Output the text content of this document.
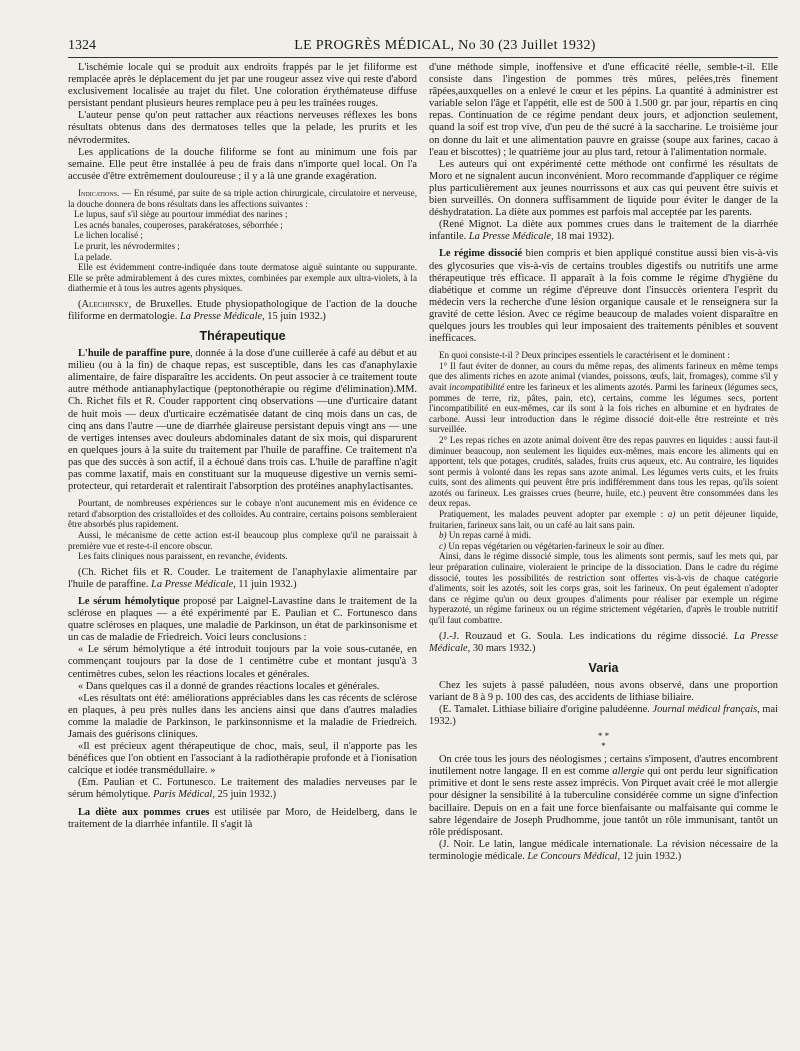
1324	LE PROGRÈS MÉDICAL, No 30 (23 Juillet 1932)

L'ischémie locale qui se produit aux endroits frappés par le jet filiforme est remplacée après le déplacement du jet par une rougeur assez vive qui reste d'abord exclusivement localisée au trajet du filet. Une coloration érythémateuse diffuse persistant pendant plusieurs heures remplace peu à peu les traînées rouges.

L'auteur pense qu'on peut rattacher aux réactions nerveuses réflexes les bons résultats obtenus dans des dermatoses telles que la pelade, les prurits et les névrodermites.

Les applications de la douche filiforme se font au minimum une fois par semaine. Elle peut être installée à peu de frais dans n'importe quel local. On l'a accusée d'être extrêmement douloureuse ; il y a là une grande exagération.

Indications. — En résumé, par suite de sa triple action chirurgicale, circulatoire et nerveuse, la douche donnera de bons résultats dans les affections suivantes :

Le lupus, sauf s'il siège au pourtour immédiat des narines ;
Les acnés banales, couperoses, parakératoses, séborrhée ;
Le lichen localisé ;
Le prurit, les névrodermites ;
La pelade.

Elle est évidemment contre-indiquée dans toute dermatose aiguë suintante ou suppurante. Elle se prête admirablement à des cures mixtes, combinées par exemple aux ultra-violets, à la diathermie et à tous les autres agents physiques.

(Alechinsky, de Bruxelles. Etude physiopathologique de l'action de la douche filiforme en dermatologie. La Presse Médicale, 15 juin 1932.)

Thérapeutique

L'huile de paraffine pure, donnée à la dose d'une cuillerée à café au début et au milieu (ou à la fin) de chaque repas, est susceptible, dans les cas d'anaphylaxie alimentaire, de faire disparaître les accidents. On peut associer à ce traitement toute autre méthode antianaphylactique (peptonothérapie ou régime d'élimination).MM. Ch. Richet fils et R. Couder rapportent cinq observations —une d'urticaire datant de huit mois — deux d'urticaire eczématisée datant de cinq mois dans un cas, de cinq ans dans l'autre —une de diarrhée glaireuse persistant depuis vingt ans — une de vertiges intenses avec douleurs abdominales datant de six mois, qui disparurent en quelques jours à la suite du traitement par l'huile de paraffine. Ce traitement n'a pas que des succès à son actif, il a échoué dans trois cas. L'huile de paraffine n'agit pas comme laxatif, mais en constituant sur la muqueuse digestive un vernis semi-protecteur, qui retarderait et ralentirait l'absorption des protéines anaphylactisantes.

Pourtant, de nombreuses expériences sur le cobaye n'ont aucunement mis en évidence ce retard d'absorption des cristalloïdes et des colloïdes. Au contraire, certains poisons sembleraient être absorbés plus rapidement.

Aussi, le mécanisme de cette action est-il beaucoup plus complexe qu'il ne paraissait à première vue et reste-t-il encore obscur.

Les faits cliniques nous paraissent, en revanche, évidents.

(Ch. Richet fils et R. Couder. Le traitement de l'anaphylaxie alimentaire par l'huile de paraffine. La Presse Médicale, 11 juin 1932.)

Le sérum hémolytique proposé par Laignel-Lavastine dans le traitement de la sclérose en plaques — a été expérimenté par E. Paulian et C. Fortunesco dans quatre scléroses en plaques, une maladie de Parkinson, un état de parkinsonisme et un cas de maladie de Friedreich. Voici leurs conclusions :

« Le sérum hémolytique a été introduit toujours par la voie sous-cutanée, en commençant toujours par la dose de 1 centimètre cube et montant jusqu'à 3 centimètres cubes, selon les réactions locales et générales.

« Dans quelques cas il a donné de grandes réactions locales et générales.

«Les résultats ont été: améliorations appréciables dans les cas récents de sclérose en plaques, à peu près nulles dans les anciens ainsi que dans d'autres maladies comme la maladie de Parkinson, le parkinsonnisme et la maladie de Friedreich. Jamais des guérisons cliniques.

«Il est précieux agent thérapeutique de choc, mais, seul, il n'apporte pas les bénéfices que l'on obtient en l'associant à la radiothérapie profonde et à l'ionisation calcique et iodée transmédullaire. »

(Em. Paulian et C. Fortunesco. Le traitement des maladies nerveuses par le sérum hémolytique. Paris Médical, 25 juin 1932.)

La diète aux pommes crues est utilisée par Moro, de Heidelberg, dans le traitement de la diarrhée infantile. Il s'agit là

d'une méthode simple, inoffensive et d'une efficacité réelle, semble-t-il. Elle consiste dans l'ingestion de pommes très mûres, pelées,très finement râpées,auxquelles on a enlevé le cœur et les pépins. La quantité à administrer est variable selon l'âge et l'appétit, elle est de 500 à 1.500 gr. par jour, répartis en cinq repas. Continuation de ce régime pendant deux jours, et adjonction seulement, quand la soif est trop vive, d'un peu de thé sucré à la saccharine. Le troisième jour on donne du lait et une alimentation pauvre en graisse (soupe aux farines, cacao à l'eau et biscottes) ; le quatrième jour au plus tard, retour à l'alimentation normale.

Les auteurs qui ont expérimenté cette méthode ont confirmé les résultats de Moro et ne signalent aucun inconvénient. Moro recommande d'appliquer ce régime plus particulièrement aux jeunes nourrissons et aux cas qui peuvent être suivis et bien surveillés. On donnera suffisamment de liquide pour éviter le danger de la déshydratation. La diète aux pommes est parfois mal acceptée par les parents.

(René Mignot. La diète aux pommes crues dans le traitement de la diarrhée infantile. La Presse Médicale, 18 mai 1932).

Le régime dissocié bien compris et bien appliqué constitue aussi bien vis-à-vis des glycosuries que vis-à-vis de certains troubles digestifs ou nutritifs une arme thérapeutique très efficace. Il apparaît à la fois comme le régime d'hygiène du diabétique et comme un régime d'épreuve dont l'insuccès orientera l'esprit du médecin vers la recherche d'une lésion organique causale et le renseignera sur la gravité de cette lésion. Avec ce régime beaucoup de malades voient disparaître en quelques jours les troubles qui leur imposaient des traitements pénibles et souvent inefficaces.

En quoi consiste-t-il ? Deux principes essentiels le caractérisent et le dominent :

1° Il faut éviter de donner, au cours du même repas, des aliments farineux en même temps que des aliments riches en azote animal (viandes, poissons, œufs, lait, fromages), comme s'il y avait incompatibilité entre les farineux et les aliments azotés. Parmi les farineux (légumes secs, pommes de terre, riz, pâtes, pain, etc), certains, comme les légumes secs, portent l'incompatibilité en eux-mêmes, car ils sont à la fois riches en albumine et en hydrates de carbone. Aussi leur introduction dans le régime dissocié doit-elle être restreinte et très surveillée.

2° Les repas riches en azote animal doivent être des repas pauvres en liquides : aussi faut-il diminuer beaucoup, non seulement les liquides eux-mêmes, mais encore les aliments qui en apportent, tels que potages, crudités, salades, fruits crus aqueux, etc. Au contraire, les liquides sont permis à volonté dans les repas sans azote animal. Les légumes verts cuits, et les fruits cuits, sont des aliments qui peuvent être pris indifféremment dans tous les repas, qu'ils soient azotés ou farineux. Les graisses crues (beurre, huile, etc.) peuvent être consommées dans les deux repas.

Pratiquement, les malades peuvent adopter par exemple : a) un petit déjeuner liquide, fruitarien, farineux sans lait, ou un café au lait sans pain.

b) Un repas carné à midi.

c) Un repas végétarien ou végétarien-farineux le soir au dîner.

Ainsi, dans le régime dissocié simple, tous les aliments sont permis, sauf les mets qui, par leur préparation culinaire, violeraient le principe de la dissociation. Dans le cadre du régime dissocié, toutes les possibilités de restriction sont offertes vis-à-vis de chaque catégorie d'aliments, soit les azotés, soit les corps gras, soit les farineux. On peut également n'adopter dans ce régime qu'un ou deux groupes d'aliments pour réaliser par exemple un régime hyperazoté, un régime farineux ou un régime strictement végétarien, d'après le trouble nutritif qu'il faut combattre.

(J.-J. Rouzaud et G. Soula. Les indications du régime dissocié. La Presse Médicale, 30 mars 1932.)

Varia

Chez les sujets à passé paludéen, nous avons observé, dans une proportion variant de 8 à 9 p. 100 des cas, des accidents de lithiase biliaire.

(E. Tamalet. Lithiase biliaire d'origine paludéenne. Journal médical français, mai 1932.)

* *
*

On crée tous les jours des néologismes ; certains s'imposent, d'autres encombrent inutilement notre langage. Il en est comme allergie qui ont perdu leur signification primitive et dont le sens reste assez imprécis. Von Pirquet avait créé le mot allergie pour désigner la sensibilité à la tuberculine considérée comme un signe d'infection bacillaire. Depuis on en a fait une force bienfaisante ou malfaisante qui comme le sabre légendaire de Joseph Prudhomme, joue tantôt un rôle immunisant, tantôt un rôle prédisposant.

(J. Noir. Le latin, langue médicale internationale. La révision nécessaire de la terminologie médicale. Le Concours Médical, 12 juin 1932.)
